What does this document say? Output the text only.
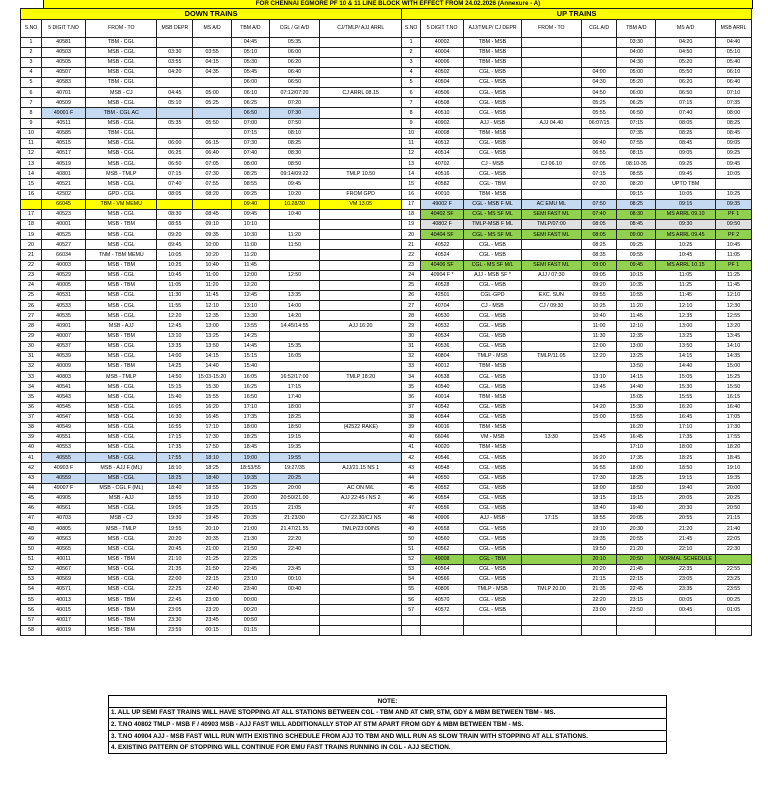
FOR CHENNAI EGMORE PF 10 & 11 LINE BLOCK WITH EFFECT FROM 24.02.2026 (Annexure - A)
DOWN TRAINS								UP TRAINS							
S.NO	5 DIGIT T.NO	FROM - TO	MSB DEPR	MS A/D	TBM A/D	CGL / GI A/D	CJ/TMLP/ AJJ ARRL	S.NO	5 DIGIT T.NO	AJJ/TMLP/ CJ DEPR	FROM - TO	CGL A/D	TBM A/D	MS A/D	MSB ARRL
1	40581	TBM - CGL			04:45	05:35		1	40002	TBM - MSB			03:30	04:20	04:40
2	40503	MSB - CGL	03:30	03:55	05:10	06:00		2	40004	TBM - MSB			04:00	04:50	05:10
3	40505	MSB - CGL	03:55	04:15	05:30	06:20		3	40006	TBM - MSB			04:30	05:20	05:40
4	40507	MSB - CGL	04:20	04:35	05:45	06:40		4	40502	CGL - MSB		04:00	05:00	05:50	06:10
5	40583	TBM - CGL			06:00	06:50		5	40504	CGL - MSB		04:30	05:20	06:20	06:40
6	40701	MSB - CJ	04:45	05:00	06:10	07:12/07:20	CJ ARRL 08.15	6	40506	CGL - MSB		04:50	06:00	06:50	07:10
7	40509	MSB - CGL	05:10	05:25	06:25	07:20		7	40508	CGL - MSB		05:25	06:25	07:15	07:35
8	49001 F	TBM - CGL AC			06:50	07:30		8	40510	CGL - MSB		05:55	06:50	07:40	08:00
9	40511	MSB - CGL	05:35	05:50	07:00	07:50		9	40902	AJJ - MSB	AJJ 04.40	06:07/15	07:15	08:05	08:25
10	40585	TBM - CGL			07:15	08:10		10	40008	TBM - MSB			07:35	08:25	08:45
11	40515	MSB - CGL	06:00	06:15	07:30	08:25		11	40512	CGL - MSB		06:40	07:55	08:45	09:05
12	40517	MSB - CGL	06:25	06:40	07:40	08:30		12	40514	CGL - MSB		06:55	08:15	09:05	09:25
13	40519	MSB - CGL	06:50	07:05	08:00	08:50		13	40702	CJ - MSB	CJ 06.10	07:05	08:10-35	09:25	09:45
14	40801	MSB - TMLP	07:15	07:30	08:25	09:14/09:22	TMLP 10.50	14	40516	CGL - MSB		07:15	08:55	09:45	10:05
15	40521	MSB - CGL	07:40	07:55	08:55	09:45		15	40582	CGL - TBM		07:30	08:20	UPTO TBM	
16	42502	GPD - CGL	08:05	08:20	09:25	10:20	FROM GPD	16	40010	TBM - MSB			09:15	10:05	10:25
	66045	TBM - VM MEMU			09:40	10.28/30	VM 13.05	17	49002 F	CGL - MSB F ML	AC EMU ML	07:50	08:25	09:15	09:35
17	40523	MSB - CGL	08:30	08:45	09:45	10:40		18	40402 SF	CGL - MS SF ML	SEMI FAST ML	07:40	08:30	MS ARRL 09.10	PF 1
18	40001	MSB - TBM	08:55	09:10	10:10			19	40802 F	TMLP-MSB F ML	TMLP/07:00	08:05	08:45	09:30	09:50
19	40525	MSB - CGL	09:20	09:35	10:30	11:20		20	40404 SF	CGL - MS SF ML	SEMI FAST ML	08:05	09:00	MS ARRL 09.45	PF 2
20	40527	MSB - CGL	09:45	10:00	11:00	11:50		21	40522	CGL - MSB		08:25	09:25	10:25	10:45
21	66034	TNM - TBM MEMU	10:05	10:20	11:20			22	40524	CGL - MSB		08:35	09:55	10:45	11:05
22	40003	MSB - TBM	10:25	10:40	11:45			23	40406 SF	CGL - MS SF M/L	SEMI FAST ML	09:00	09:45	MS ARRL 10.15	PF 1
23	40529	MSB - CGL	10:45	11:00	12:00	12:50		24	40904 F *	AJJ - MSB SF *	AJJ / 07:30	09:05	10:15	11:05	11:25
24	40005	MSB - TBM	11:05	11:20	12:20			25	40528	CGL - MSB		09:20	10:35	11:25	11:45
25	40531	MSB - CGL	11:30	11:45	12:45	13:35		26	42501	CGL-GPD	EXC. SUN	09:55	10:55	11:45	12:10
26	40533	MSB - CGL	11:55	12:10	13:10	14:00		27	40704	CJ - MSB	CJ / 09:30	10:25	11:20	12:10	12:30
27	40535	MSB - CGL	12:20	12:35	13:30	14:20		28	40530	CGL - MSB		10:40	11:45	12:35	12:55
28	40901	MSB - AJJ	12:45	13:00	13:55	14.45/14:55	AJJ 16:20	29	40532	CGL - MSB		11:00	12:10	13:00	13:20
29	40007	MSB - TBM	13:10	13:25	14:25			30	40534	CGL - MSB		11:30	12:35	13:25	13:45
30	40537	MSB - CGL	13:35	13:50	14:45	15:35		31	40536	CGL - MSB		12:00	13:00	13:50	14:10
31	40539	MSB - CGL	14:00	14:15	15:15	16:05		32	40804	TMLP - MSB	TMLP/11.05	12:20	13:25	14:15	14:35
32	40009	MSB - TBM	14:25	14:40	15:40			33	40012	TBM - MSB			13:50	14:40	15:00
33	40803	MSB - TMLP	14:50	15:03-15:20	16:05	16:52/17:00	TMLP 18:20	34	40538	CGL - MSB		13:10	14:15	15:05	15:25
34	40541	MSB - CGL	15:15	15:30	16:25	17:15		35	40540	CGL - MSB		13:45	14:40	15:30	15:50
35	40543	MSB - CGL	15:40	15:55	16:50	17:40		36	40014	TBM - MSB			15:05	15:55	16:15
36	40545	MSB - CGL	16:05	16:20	17:10	18:00		37	40542	CGL - MSB		14:20	15:30	16:20	16:40
37	40547	MSB - CGL	16:30	16:45	17:35	18:25		38	40544	CGL - MSB		15:00	15:55	16:45	17:05
38	40549	MSB - CGL	16:55	17:10	18:00	18:50	(42522 RAKE)	39	40016	TBM - MSB			16:20	17:10	17:30
39	40551	MSB - CGL	17:15	17:30	18:25	19:15		40	66046	VM - MSB	13:30	15:45	16:45	17:35	17:55
40	40553	MSB - CGL	17:35	17:50	18:45	19:35		41	40020	TBM - MSB			17:10	18:00	18:20
41	40555	MSB - CGL	17:55	18:10	19:00	19:55		42	40546	CGL - MSB		16:20	17:35	18:25	18:45
42	40903 F	MSB - AJJ F (ML)	18:10	18:25	18:53/55	19:27/35	AJJ/21.15 NS 1	43	40548	CGL - MSB		16:55	18:00	18:50	19:10
43	40559	MSB - CGL	18:25	18:40	19:35	20:25		44	40550	CGL - MSB		17:30	18:25	19:15	19:35
44	49007 F	MSB - CGL F (ML)	18:40	18:55	19:25	20:00	AC ON M/L	45	40552	CGL - MSB		18:00	18:50	19:40	20:00
45	40905	MSB - AJJ	18:55	19:10	20:00	20:50/21.00	AJJ 22:45 / NS 2	46	40554	CGL - MSB		18:15	19:15	20:05	20:25
46	40561	MSB - CGL	19:05	19:25	20:15	21:05		47	40556	CGL - MSB		18:40	19:40	20:30	20:50
47	40703	MSB - CJ	19:30	19:45	20:35	21:23/30	CJ / 22.30/CJ NS	48	40906	AJJ - MSB	17:15	18:55	20:05	20:55	21:15
48	40805	MSB - TMLP	19:55	20:10	21:00	21.47/21.55	TMLP/23:00/NS	49	40558	CGL - MSB		19:10	20:30	21:20	21:40
49	40563	MSB - CGL	20:20	20:35	21:30	22:20		50	40560	CGL - MSB		19:35	20:55	21:45	22:05
50	40565	MSB - CGL	20:45	21:00	21:50	22:40		51	40562	CGL - MSB		19:50	21:20	22:10	22:30
51	40011	MSB - TBM	21:10	21:25	22:25			52	49008	CGL - TBM		20:10	20:50	NORMAL SCHEDULE	
52	40567	MSB - CGL	21:35	21:50	22:45	23:45		53	40564	CGL - MSB		20:20	21:45	22:35	22:55
53	40569	MSB - CGL	22:00	22:15	23:10	00:10		54	40566	CGL - MSB		21:15	22:15	23:05	23:25
54	40571	MSB - CGL	22:25	22:40	23:40	00:40		55	40806	TMLP - MSB	TMLP 20.00	21:35	22:45	23:35	23:55
55	40013	MSB - TBM	22:45	23:00	00:00			56	40570	CGL - MSB		22:20	23:15	00:05	00:25
56	40015	MSB - TBM	23:05	23:20	00:20			57	40572	CGL - MSB		23:00	23:50	00:45	01:05
57	40017	MSB - TBM	23:30	23:45	00:50										
58	40019	MSB - TBM	23:59	00:15	01:15										
NOTE:
1. ALL UP SEMI FAST TRAINS WILL HAVE STOPPING AT ALL STATIONS BETWEEN CGL - TBM AND AT CMP, STM, GDY & MBM BETWEEN TBM - MS.
2. T.NO 40802 TMLP - MSB F / 40903 MSB - AJJ FAST WILL ADDITIONALLY STOP AT STM APART FROM GDY & MBM BETWEEN TBM - MS.
3. T.NO 40904 AJJ - MSB FAST WILL RUN WITH EXISTING SCHEDULE FROM AJJ TO TBM AND WILL RUN AS SLOW TRAIN WITH STOPPING AT ALL STATIONS.
4. EXISTING PATTERN OF STOPPING WILL CONTINUE FOR EMU FAST TRAINS RUNNING IN CGL - AJJ SECTION.
